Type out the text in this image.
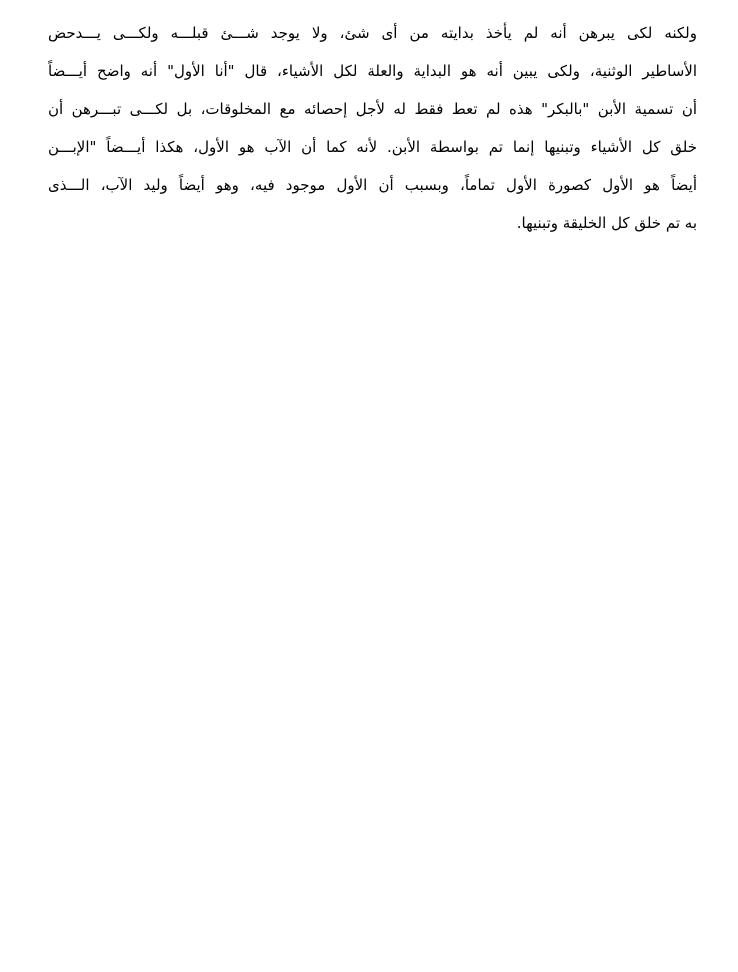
ولكنه لكى يبرهن أنه لم يأخذ بدايته من أى شئ، ولا يوجد شـــئ قبلـــه ولكـــى يـــدحض
الأساطير الوثنية، ولكى يبين أنه هو البداية والعلة لكل الأشياء، قال "أنا الأول" أنه واضح أيـــضاً
أن تسمية الأبن "بالبكر" هذه لم تعط فقط له لأجل إحصائه مع المخلوقات، بل لكـــى تبـــرهن أن
خلق كل الأشياء وتبنيها إنما تم بواسطة الأبن. لأنه كما أن الآب هو الأول، هكذا أيـــضاً "الإبـــن
أيضاً هو الأول كصورة الأول تماماً، وبسبب أن الأول موجود فيه، وهو أيضاً وليد الآب، الـــذى
به تم خلق كل الخليقة وتبنيها.
